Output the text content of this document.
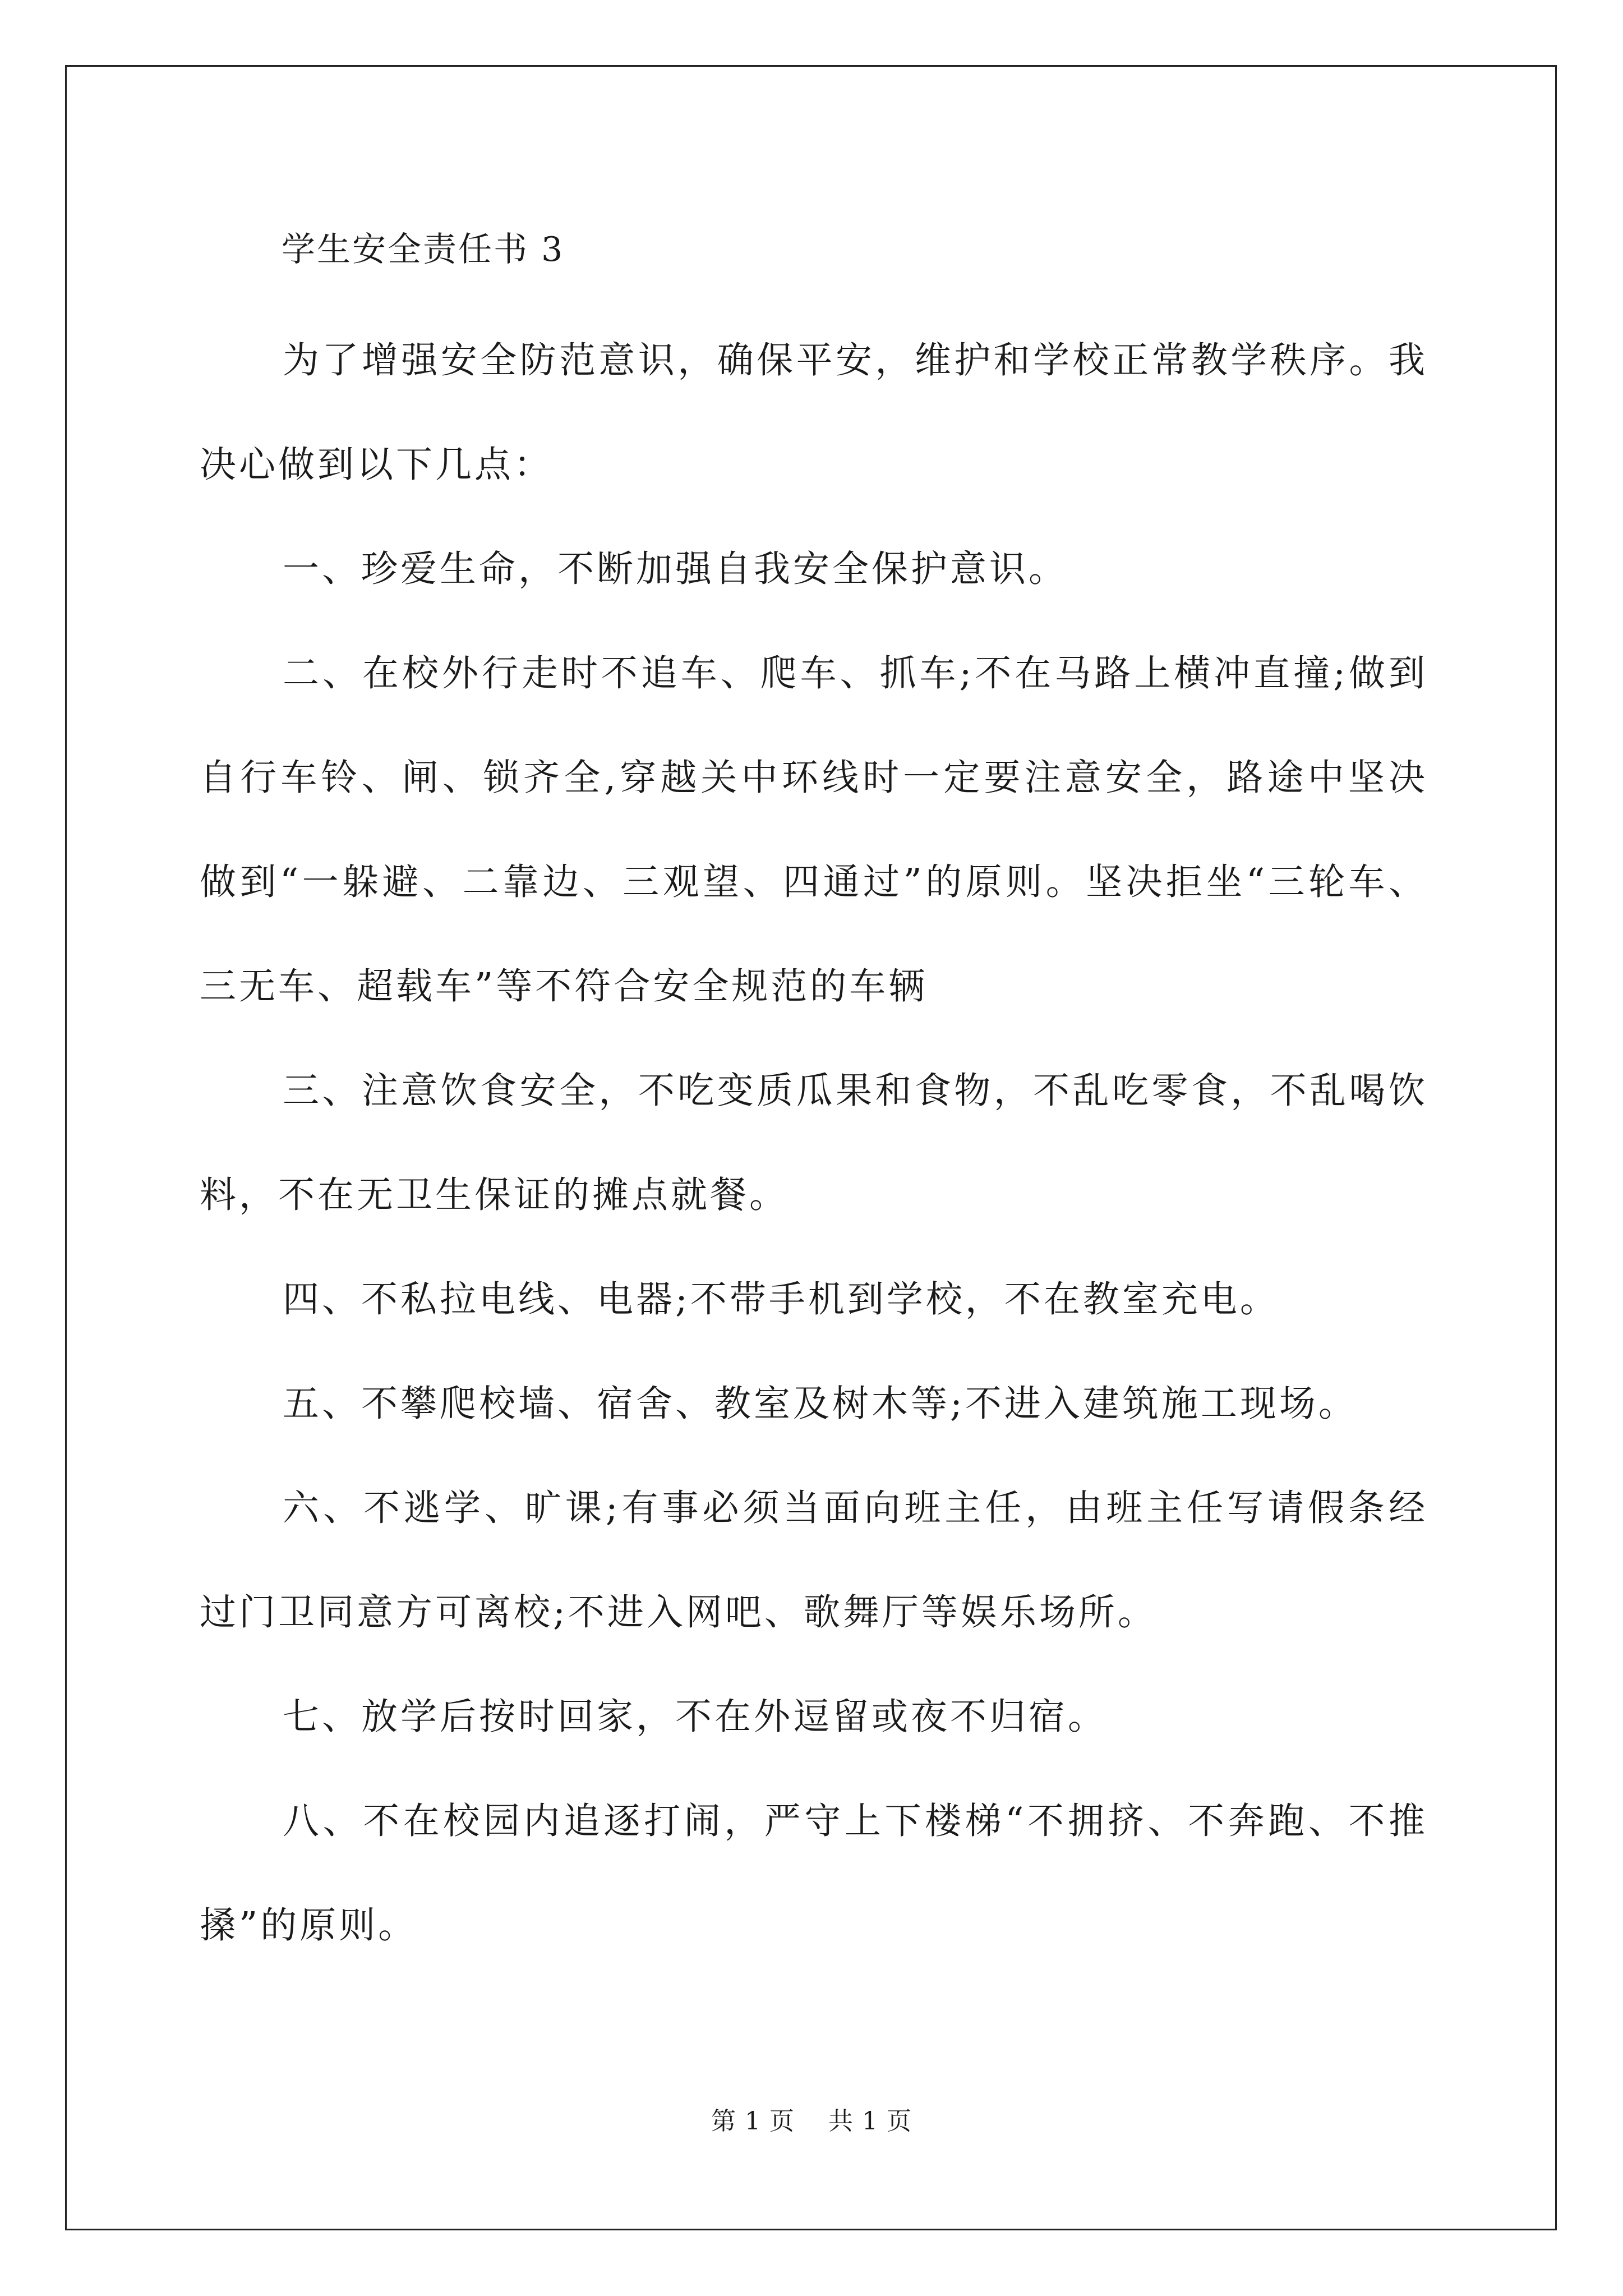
学生安全责任书 3

为了增强安全防范意识，确保平安，维护和学校正常教学秩序。我决心做到以下几点：

一、珍爱生命，不断加强自我安全保护意识。

二、在校外行走时不追车、爬车、抓车;不在马路上横冲直撞;做到自行车铃、闸、锁齐全,穿越关中环线时一定要注意安全，路途中坚决做到“一躲避、二靠边、三观望、四通过”的原则。坚决拒坐“三轮车、三无车、超载车”等不符合安全规范的车辆

三、注意饮食安全，不吃变质瓜果和食物，不乱吃零食，不乱喝饮料，不在无卫生保证的摊点就餐。

四、不私拉电线、电器;不带手机到学校，不在教室充电。

五、不攀爬校墙、宿舍、教室及树木等;不进入建筑施工现场。

六、不逃学、旷课;有事必须当面向班主任，由班主任写请假条经过门卫同意方可离校;不进入网吧、歌舞厅等娱乐场所。

七、放学后按时回家，不在外逗留或夜不归宿。

八、不在校园内追逐打闹，严守上下楼梯“不拥挤、不奔跑、不推搡”的原则。

第 1 页 共 1 页
